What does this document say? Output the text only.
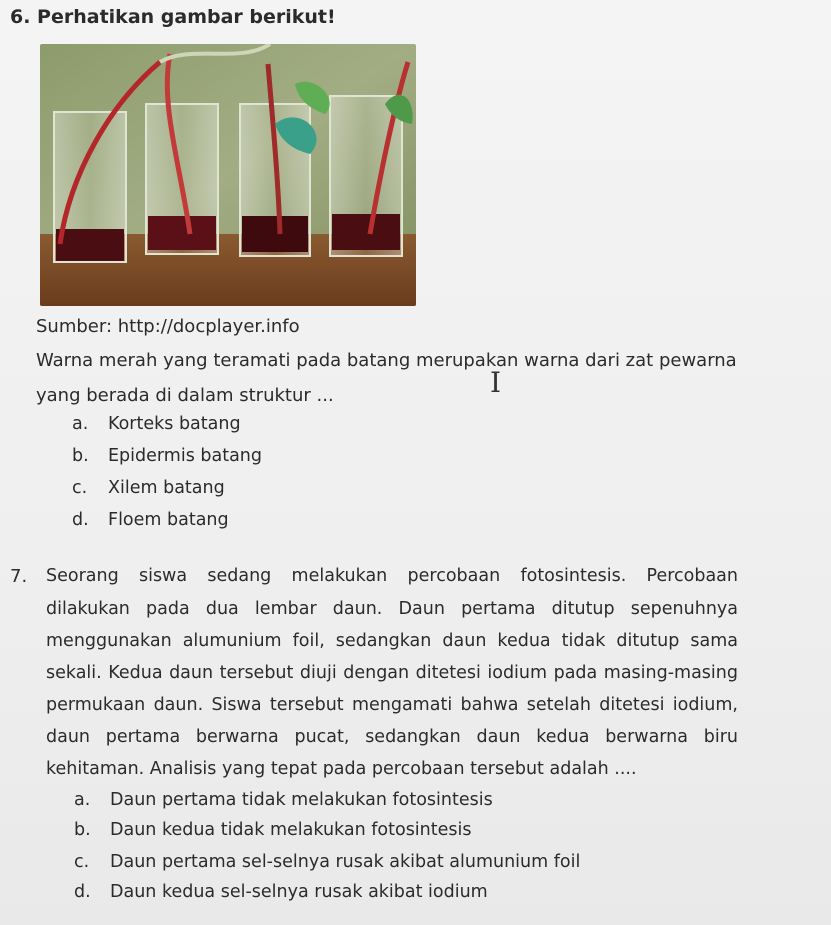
6. Perhatikan gambar berikut!
Sumber: http://docplayer.info
Warna merah yang teramati pada batang merupakan warna dari zat pewarna
yang berada di dalam struktur ...	I
a. Korteks batang
b. Epidermis batang
c. Xilem batang
d. Floem batang
7. Seorang siswa sedang melakukan percobaan fotosintesis. Percobaan
dilakukan pada dua lembar daun. Daun pertama ditutup sepenuhnya
menggunakan alumunium foil, sedangkan daun kedua tidak ditutup sama
sekali. Kedua daun tersebut diuji dengan ditetesi iodium pada masing-masing
permukaan daun. Siswa tersebut mengamati bahwa setelah ditetesi iodium,
daun pertama berwarna pucat, sedangkan daun kedua berwarna biru
kehitaman. Analisis yang tepat pada percobaan tersebut adalah ....
a. Daun pertama tidak melakukan fotosintesis
b. Daun kedua tidak melakukan fotosintesis
c. Daun pertama sel-selnya rusak akibat alumunium foil
d. Daun kedua sel-selnya rusak akibat iodium
